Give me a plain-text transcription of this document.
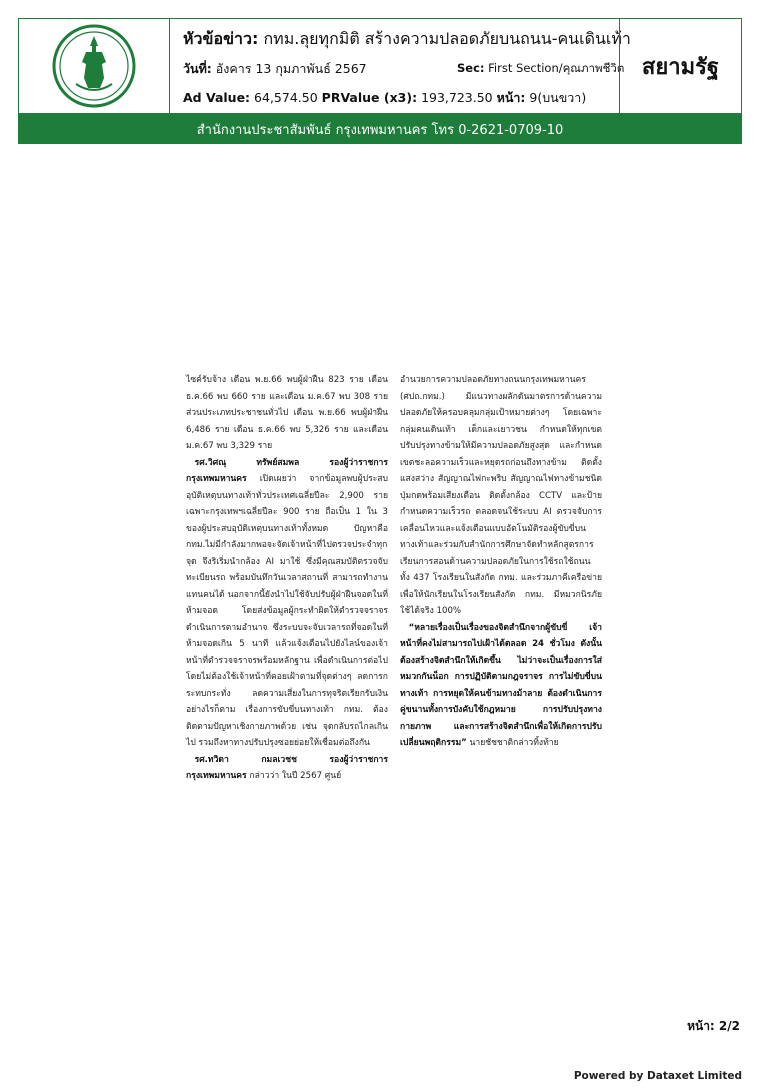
หัวข้อข่าว: กทม.ลุยทุกมิติ สร้างความปลอดภัยบนถนน-คนเดินเท้า
วันที่: อังคาร 13 กุมภาพันธ์ 2567	Sec: First Section/คุณภาพชีวิต
Ad Value: 64,574.50 PRValue (x3): 193,723.50 หน้า: 9(บนขวา)
สยามรัฐ
สำนักงานประชาสัมพันธ์ กรุงเทพมหานคร โทร 0-2621-0709-10

ไซค์รับจ้าง เดือน พ.ย.66 พบผู้ฝ่าฝืน 823 ราย เดือน ธ.ค.66 พบ 660 ราย และเดือน ม.ค.67 พบ 308 ราย ส่วนประเภทประชาชนทั่วไป เดือน พ.ย.66 พบผู้ฝ่าฝืน 6,486 ราย เดือน ธ.ค.66 พบ 5,326 ราย และเดือน ม.ค.67 พบ 3,329 ราย

 รศ.วิศณุ ทรัพย์สมพล รองผู้ว่าราชการกรุงเทพมหานคร เปิดเผยว่า จากข้อมูลพบผู้ประสบอุบัติเหตุบนทางเท้าทั่วประเทศเฉลี่ยปีละ 2,900 ราย เฉพาะกรุงเทพฯเฉลี่ยปีละ 900 ราย ถือเป็น 1 ใน 3 ของผู้ประสบอุบัติเหตุบนทางเท้าทั้งหมด ปัญหาคือ กทม.ไม่มีกำลังมากพอจะจัดเจ้าหน้าที่ไปตรวจประจำทุกจุด จึงริเริ่มนำกล้อง AI มาใช้ ซึ่งมีคุณสมบัติตรวจจับทะเบียนรถ พร้อมบันทึกวันเวลาสถานที่ สามารถทำงานแทนคนได้ นอกจากนี้ยังนำไปใช้จับปรับผู้ฝ่าฝืนจอดในที่ห้ามจอด โดยส่งข้อมูลผู้กระทำผิดให้ตำรวจจราจรดำเนินการตามอำนาจ ซึ่งระบบจะจับเวลารถที่จอดในที่ห้ามจอดเกิน 5 นาที แล้วแจ้งเตือนไปยังไลน์ของเจ้าหน้าที่ตำรวจจราจรพร้อมหลักฐาน เพื่อดำเนินการต่อไป โดยไม่ต้องใช้เจ้าหน้าที่คอยเฝ้าตามที่จุดต่างๆ ลดการกระทบกระทั่ง ลดความเสี่ยงในการทุจริตเรียกรับเงิน อย่างไรก็ตาม เรื่องการขับขี่บนทางเท้า กทม. ต้องติดตามปัญหาเชิงกายภาพด้วย เช่น จุดกลับรถไกลเกินไป รวมถึงหาทางปรับปรุงซอยย่อยให้เชื่อมต่อถึงกัน

 รศ.ทวิดา กมลเวชช รองผู้ว่าราชการกรุงเทพมหานคร กล่าวว่า ในปี 2567 ศูนย์

อำนวยการความปลอดภัยทางถนนกรุงเทพมหานคร (ศปถ.กทม.) มีแนวทางผลักดันมาตรการด้านความปลอดภัยให้ครอบคลุมกลุ่มเป้าหมายต่างๆ โดยเฉพาะกลุ่มคนเดินเท้า เด็กและเยาวชน กำหนดให้ทุกเขตปรับปรุงทางข้ามให้มีความปลอดภัยสูงสุด และกำหนดเขตชะลอความเร็วและหยุดรถก่อนถึงทางข้าม ติดตั้งแสงสว่าง สัญญาณไฟกะพริบ สัญญาณไฟทางข้ามชนิดปุ่มกดพร้อมเสียงเตือน ติดตั้งกล้อง CCTV และป้ายกำหนดความเร็วรถ ตลอดจนใช้ระบบ AI ตรวจจับการเคลื่อนไหวและแจ้งเตือนแบบอัตโนมัติรองผู้ขับขี่บนทางเท้าและร่วมกับสำนักการศึกษาจัดทำหลักสูตรการเรียนการสอนด้านความปลอดภัยในการใช้รถใช้ถนน ทั้ง 437 โรงเรียนในสังกัด กทม. และร่วมภาคีเครือข่ายเพื่อให้นักเรียนในโรงเรียนสังกัด กทม. มีหมวกนิรภัยใช้ได้จริง 100%

 “หลายเรื่องเป็นเรื่องของจิตสำนึกจากผู้ขับขี่ เจ้าหน้าที่คงไม่สามารถไปเฝ้าได้ตลอด 24 ชั่วโมง ดังนั้น ต้องสร้างจิตสำนึกให้เกิดขึ้น ไม่ว่าจะเป็นเรื่องการใส่หมวกกันน็อก การปฏิบัติตามกฎจราจร การไม่ขับขี่บนทางเท้า การหยุดให้คนข้ามทางม้าลาย ต้องดำเนินการคู่ขนานทั้งการบังคับใช้กฎหมาย การปรับปรุงทางกายภาพ และการสร้างจิตสำนึกเพื่อให้เกิดการปรับเปลี่ยนพฤติกรรม” นายชัชชาติกล่าวทิ้งท้าย

หน้า: 2/2
Powered by Dataxet Limited
